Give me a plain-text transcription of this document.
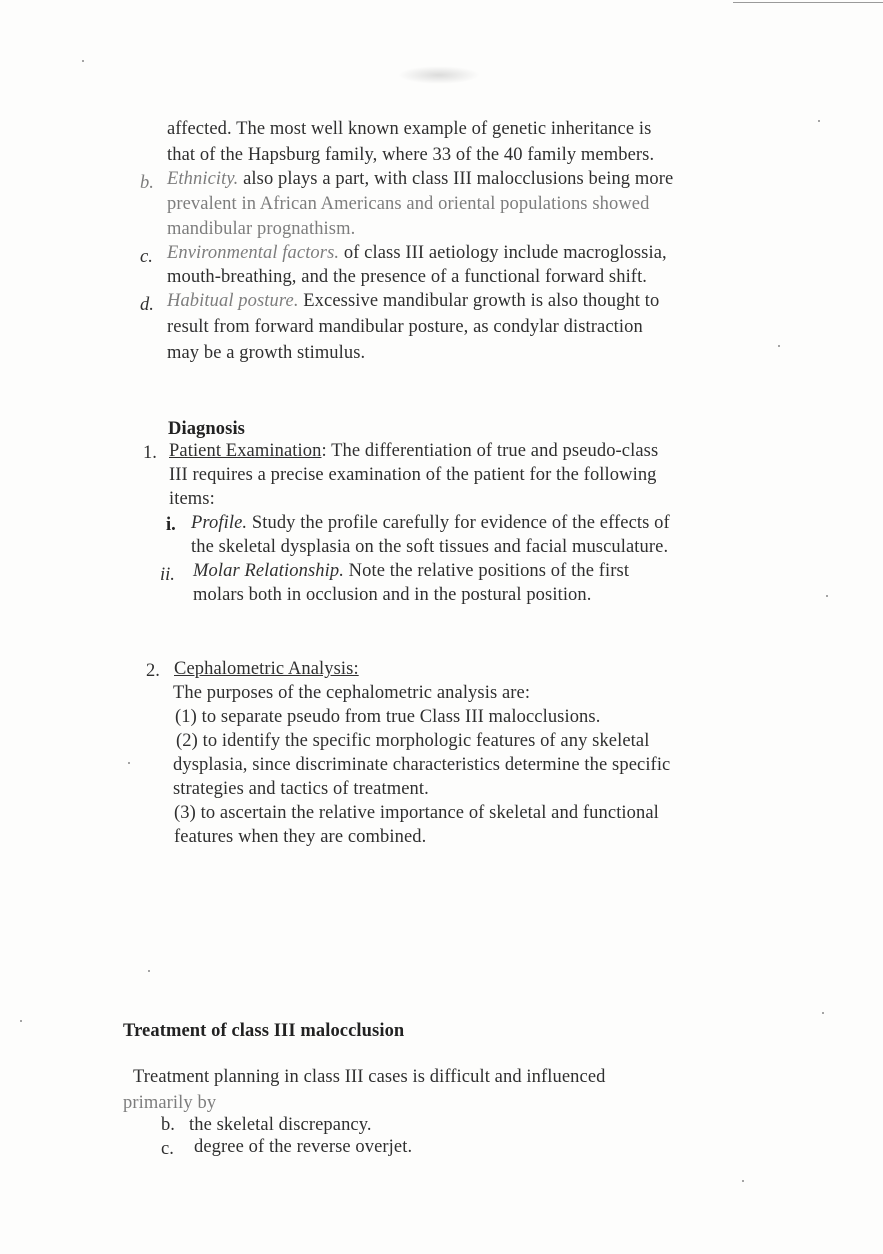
affected. The most well known example of genetic inheritance is
that of the Hapsburg family, where 33 of the 40 family members.
b. Ethnicity. also plays a part, with class III malocclusions being more
prevalent in African Americans and oriental populations showed
mandibular prognathism.
c. Environmental factors. of class III aetiology include macroglossia,
mouth-breathing, and the presence of a functional forward shift.
d. Habitual posture. Excessive mandibular growth is also thought to
result from forward mandibular posture, as condylar distraction
may be a growth stimulus.
Diagnosis
1. Patient Examination: The differentiation of true and pseudo-class
III requires a precise examination of the patient for the following
items:
i. Profile. Study the profile carefully for evidence of the effects of
the skeletal dysplasia on the soft tissues and facial musculature.
ii. Molar Relationship. Note the relative positions of the first
molars both in occlusion and in the postural position.
2. Cephalometric Analysis:
The purposes of the cephalometric analysis are:
(1) to separate pseudo from true Class III malocclusions.
(2) to identify the specific morphologic features of any skeletal
dysplasia, since discriminate characteristics determine the specific
strategies and tactics of treatment.
(3) to ascertain the relative importance of skeletal and functional
features when they are combined.
Treatment of class III malocclusion
Treatment planning in class III cases is difficult and influenced
primarily by
b. the skeletal discrepancy.
c. degree of the reverse overjet.
